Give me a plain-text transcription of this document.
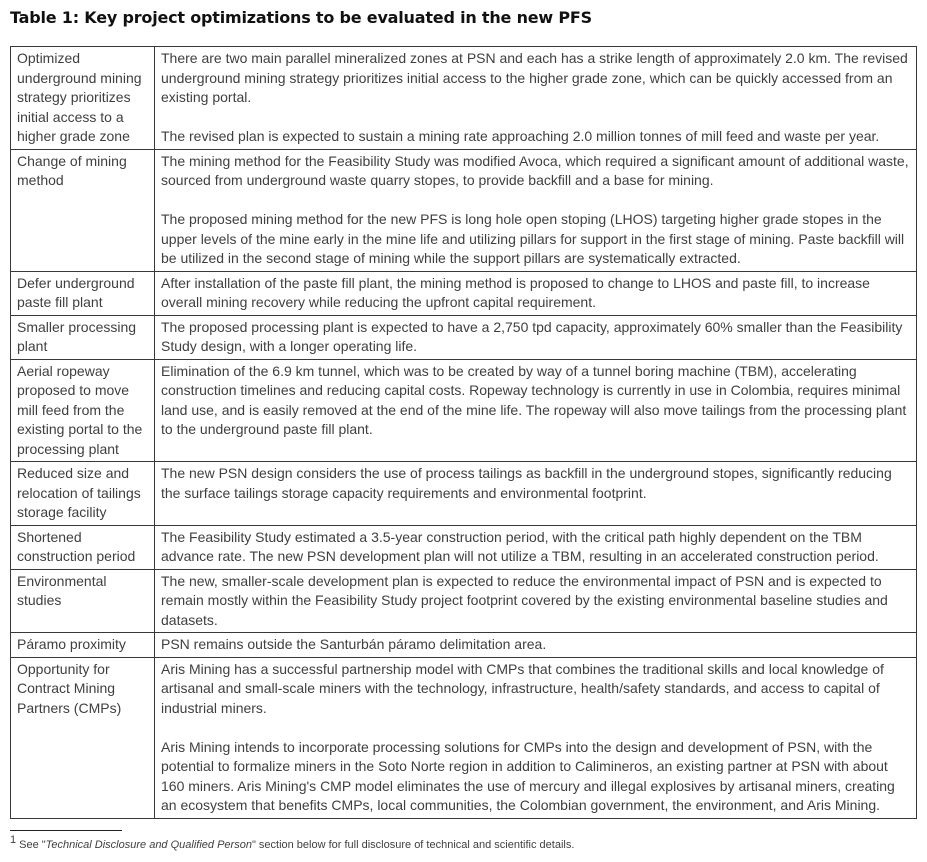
Table 1: Key project optimizations to be evaluated in the new PFS
Optimized underground mining strategy prioritizes initial access to a higher grade zone	There are two main parallel mineralized zones at PSN and each has a strike length of approximately 2.0 km. The revised underground mining strategy prioritizes initial access to the higher grade zone, which can be quickly accessed from an existing portal.

The revised plan is expected to sustain a mining rate approaching 2.0 million tonnes of mill feed and waste per year.

Change of mining method	The mining method for the Feasibility Study was modified Avoca, which required a significant amount of additional waste, sourced from underground waste quarry stopes, to provide backfill and a base for mining.

The proposed mining method for the new PFS is long hole open stoping (LHOS) targeting higher grade stopes in the upper levels of the mine early in the mine life and utilizing pillars for support in the first stage of mining. Paste backfill will be utilized in the second stage of mining while the support pillars are systematically extracted.

Defer underground paste fill plant	After installation of the paste fill plant, the mining method is proposed to change to LHOS and paste fill, to increase overall mining recovery while reducing the upfront capital requirement.

Smaller processing plant	The proposed processing plant is expected to have a 2,750 tpd capacity, approximately 60% smaller than the Feasibility Study design, with a longer operating life.

Aerial ropeway proposed to move mill feed from the existing portal to the processing plant	Elimination of the 6.9 km tunnel, which was to be created by way of a tunnel boring machine (TBM), accelerating construction timelines and reducing capital costs. Ropeway technology is currently in use in Colombia, requires minimal land use, and is easily removed at the end of the mine life. The ropeway will also move tailings from the processing plant to the underground paste fill plant.

Reduced size and relocation of tailings storage facility	The new PSN design considers the use of process tailings as backfill in the underground stopes, significantly reducing the surface tailings storage capacity requirements and environmental footprint.

Shortened construction period	The Feasibility Study estimated a 3.5-year construction period, with the critical path highly dependent on the TBM advance rate. The new PSN development plan will not utilize a TBM, resulting in an accelerated construction period.

Environmental studies	The new, smaller-scale development plan is expected to reduce the environmental impact of PSN and is expected to remain mostly within the Feasibility Study project footprint covered by the existing environmental baseline studies and datasets.

Páramo proximity	PSN remains outside the Santurbán páramo delimitation area.

Opportunity for Contract Mining Partners (CMPs)	Aris Mining has a successful partnership model with CMPs that combines the traditional skills and local knowledge of artisanal and small-scale miners with the technology, infrastructure, health/safety standards, and access to capital of industrial miners.

Aris Mining intends to incorporate processing solutions for CMPs into the design and development of PSN, with the potential to formalize miners in the Soto Norte region in addition to Calimineros, an existing partner at PSN with about 160 miners. Aris Mining's CMP model eliminates the use of mercury and illegal explosives by artisanal miners, creating an ecosystem that benefits CMPs, local communities, the Colombian government, the environment, and Aris Mining.

$^1$ See "Technical Disclosure and Qualified Person" section below for full disclosure of technical and scientific details.
